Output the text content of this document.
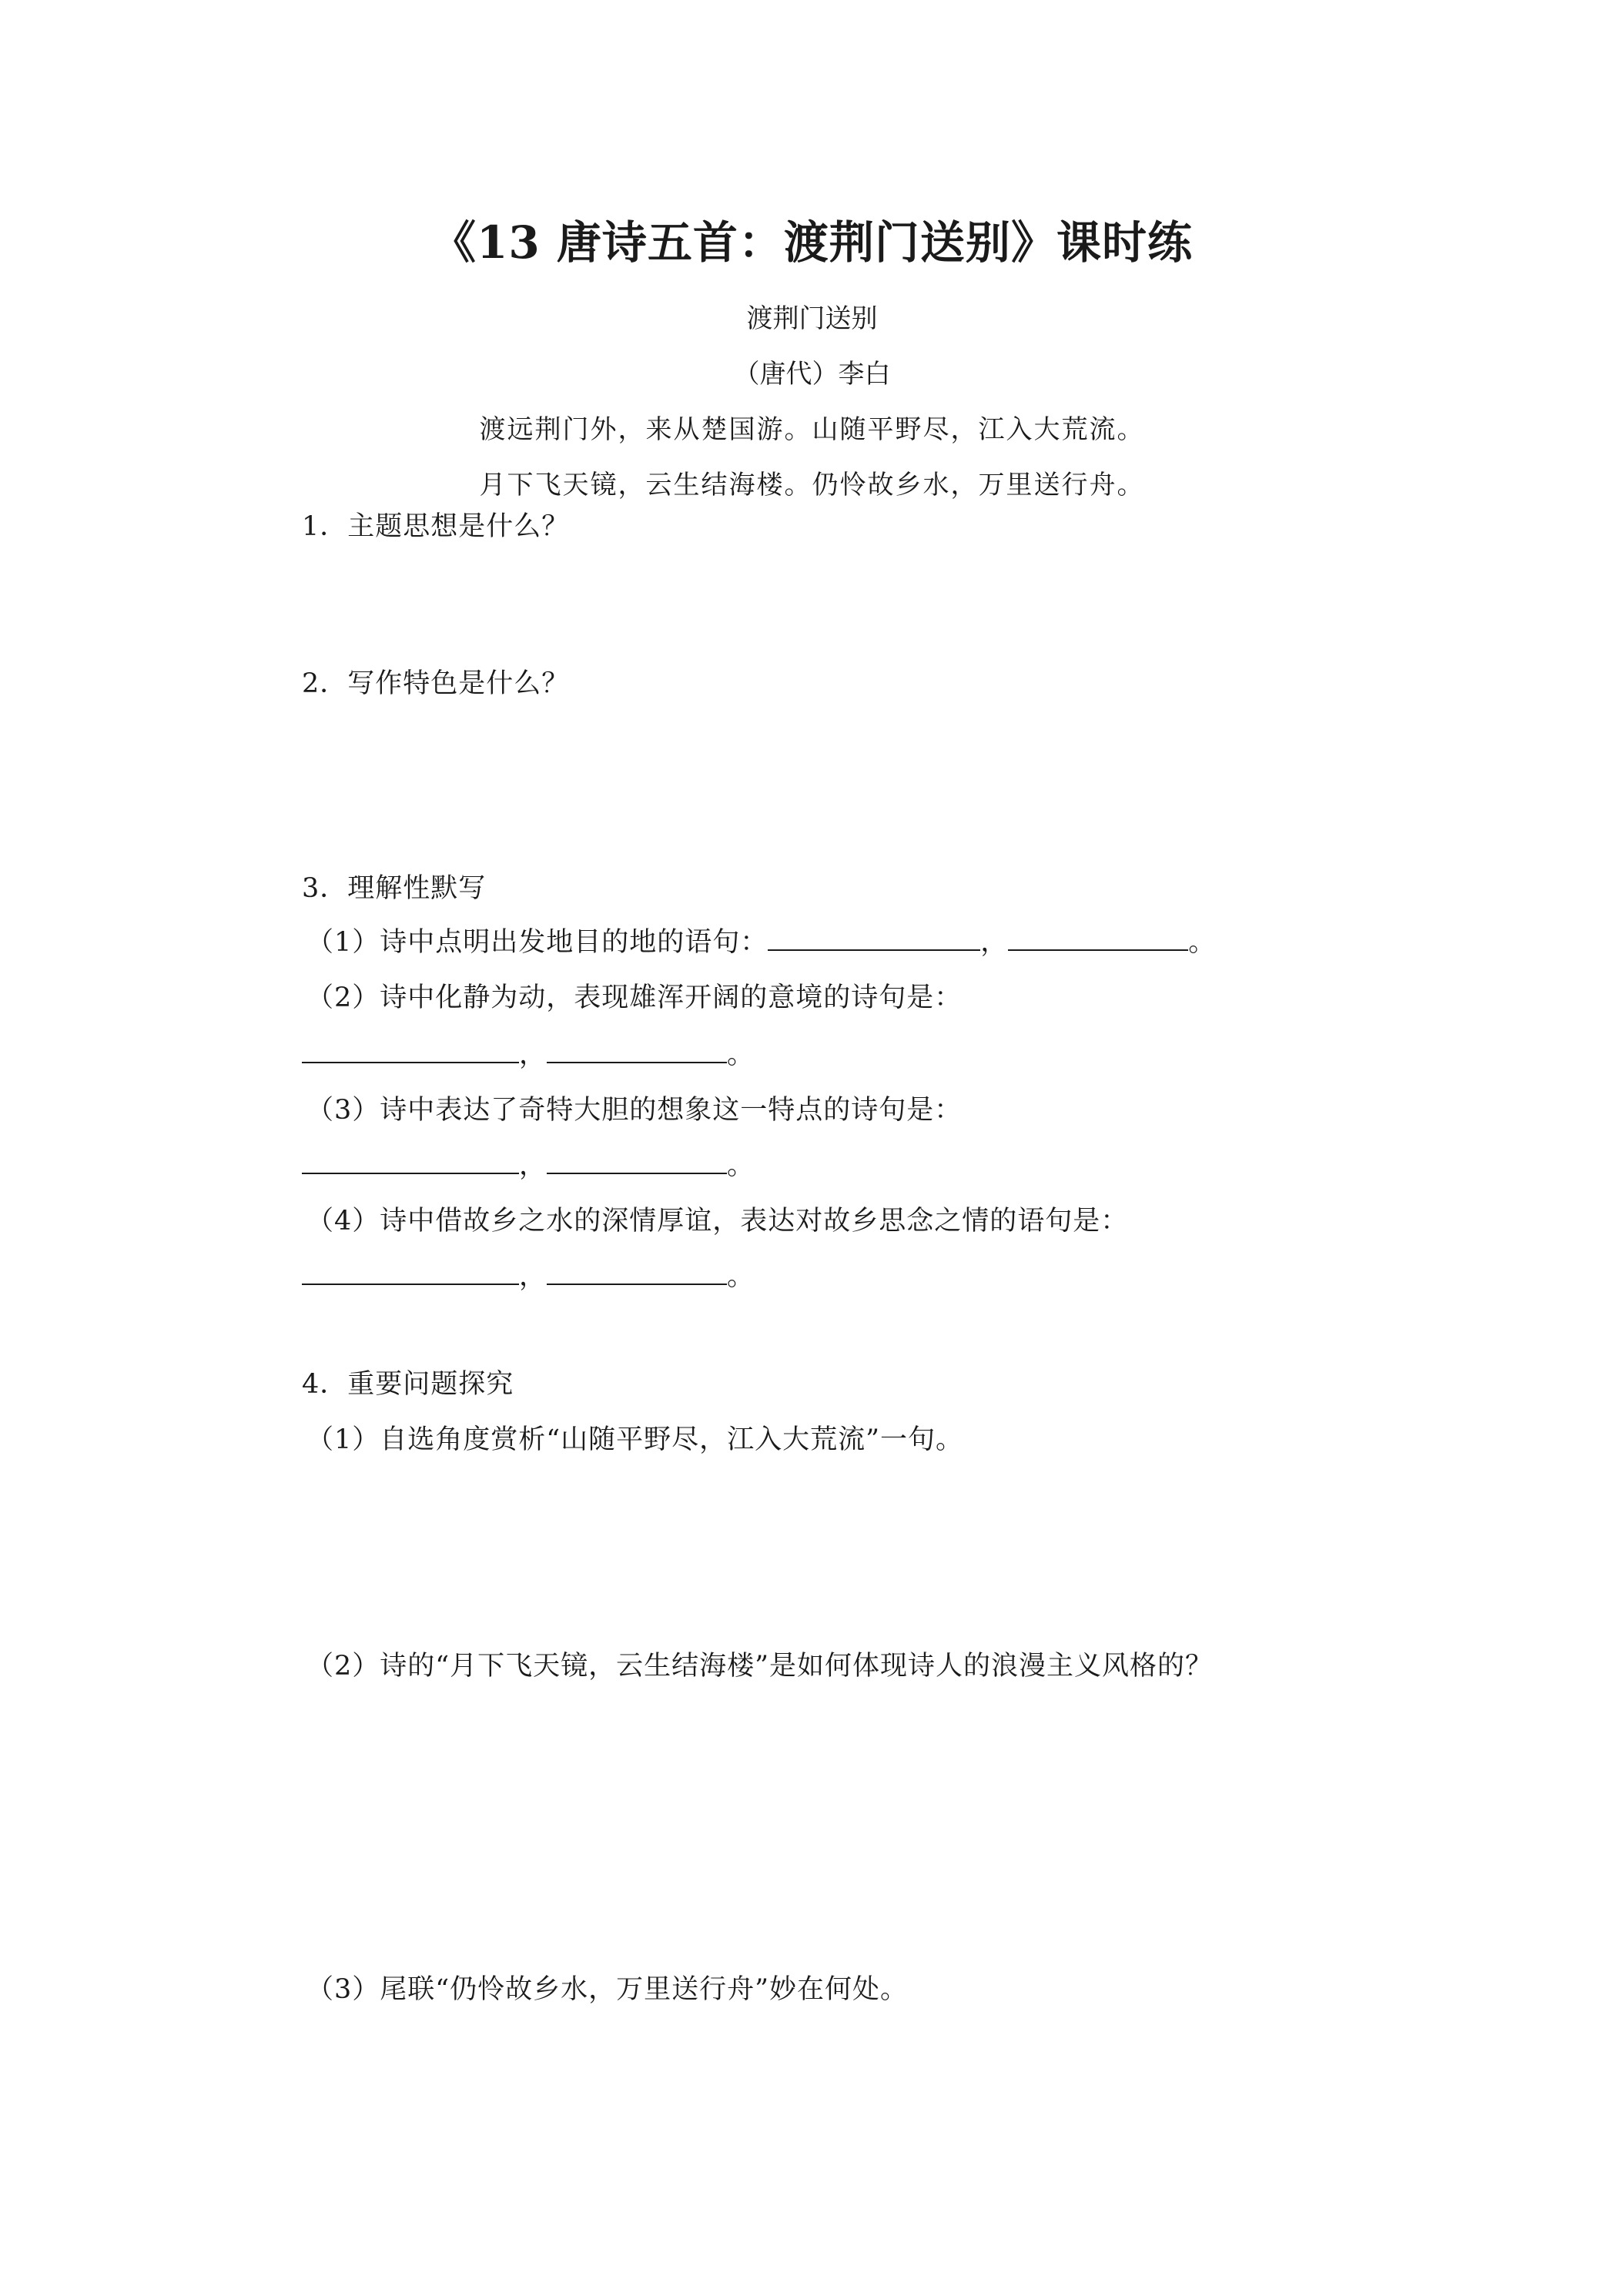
《13 唐诗五首：渡荆门送别》课时练
渡荆门送别
（唐代）李白
渡远荆门外，来从楚国游。山随平野尽，江入大荒流。
月下飞天镜，云生结海楼。仍怜故乡水，万里送行舟。
1．主题思想是什么？
2．写作特色是什么？
3．理解性默写
（1）诗中点明出发地目的地的语句：	，	。
（2）诗中化静为动，表现雄浑开阔的意境的诗句是：
，	。
（3）诗中表达了奇特大胆的想象这一特点的诗句是：
，	。
（4）诗中借故乡之水的深情厚谊，表达对故乡思念之情的语句是：
，	。
4．重要问题探究
（1）自选角度赏析“山随平野尽，江入大荒流”一句。
（2）诗的“月下飞天镜，云生结海楼”是如何体现诗人的浪漫主义风格的？
（3）尾联“仍怜故乡水，万里送行舟”妙在何处。
